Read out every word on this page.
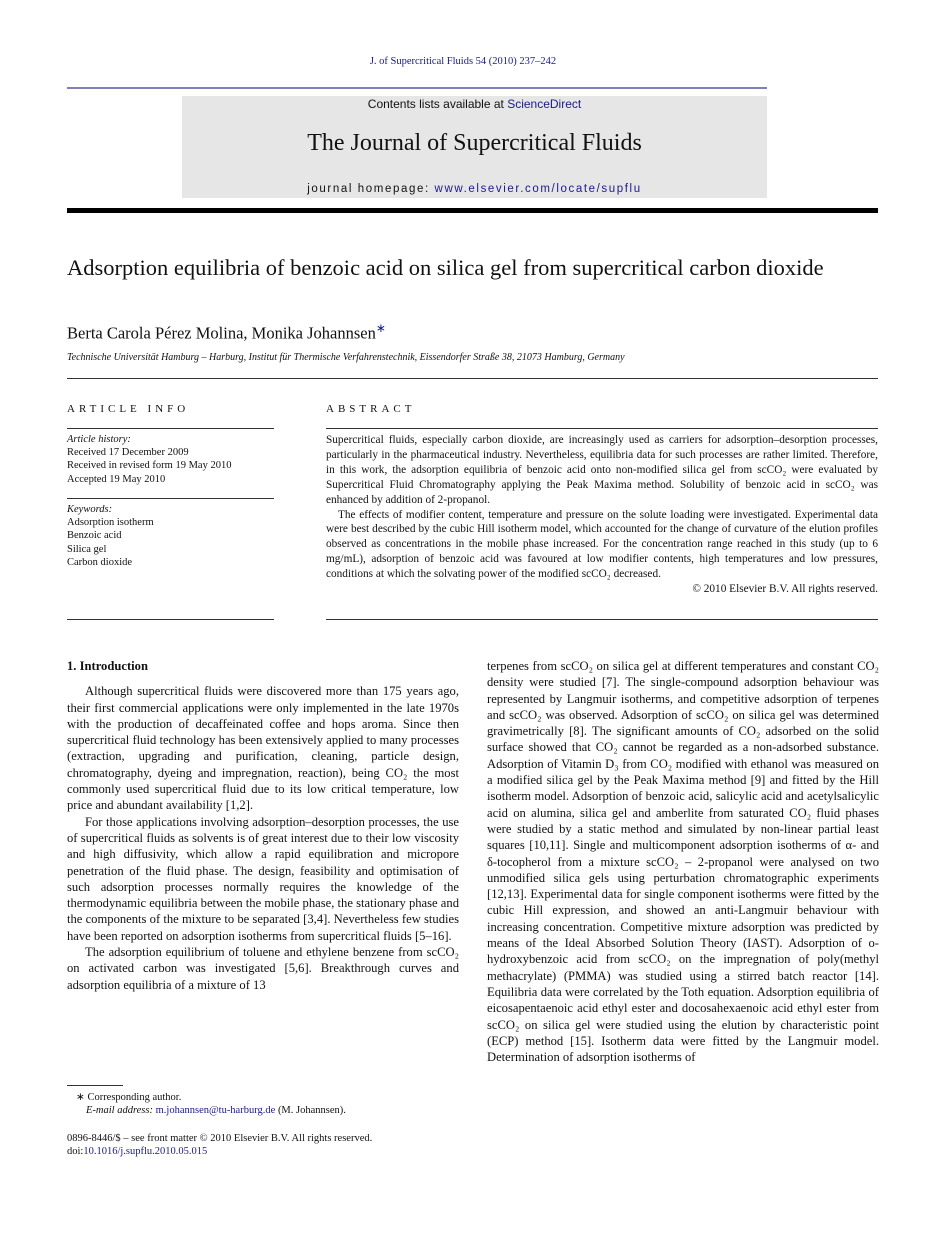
J. of Supercritical Fluids 54 (2010) 237–242
Contents lists available at ScienceDirect
The Journal of Supercritical Fluids
journal homepage: www.elsevier.com/locate/supflu
Adsorption equilibria of benzoic acid on silica gel from supercritical carbon dioxide
Berta Carola Pérez Molina, Monika Johannsen∗
Technische Universität Hamburg – Harburg, Institut für Thermische Verfahrenstechnik, Eissendorfer Straße 38, 21073 Hamburg, Germany
ARTICLE INFO
Article history:
Received 17 December 2009
Received in revised form 19 May 2010
Accepted 19 May 2010
Keywords:
Adsorption isotherm
Benzoic acid
Silica gel
Carbon dioxide
ABSTRACT

Supercritical fluids, especially carbon dioxide, are increasingly used as carriers for adsorption–desorption processes, particularly in the pharmaceutical industry. Nevertheless, equilibria data for such processes are rather limited. Therefore, in this work, the adsorption equilibria of benzoic acid onto non-modified silica gel from scCO₂ were evaluated by Supercritical Fluid Chromatography applying the Peak Maxima method. Solubility of benzoic acid in scCO₂ was enhanced by addition of 2-propanol.

The effects of modifier content, temperature and pressure on the solute loading were investigated. Experimental data were best described by the cubic Hill isotherm model, which accounted for the change of curvature of the elution profiles observed as concentrations in the mobile phase increased. For the concentration range reached in this study (up to 6 mg/mL), adsorption of benzoic acid was favoured at low modifier contents, high temperatures and low pressures, conditions at which the solvating power of the modified scCO₂ decreased.

© 2010 Elsevier B.V. All rights reserved.
1. Introduction

Although supercritical fluids were discovered more than 175 years ago, their first commercial applications were only implemented in the late 1970s with the production of decaffeinated coffee and hops aroma. Since then supercritical fluid technology has been extensively applied to many processes (extraction, upgrading and purification, cleaning, particle design, chromatography, dyeing and impregnation, reaction), being CO₂ the most commonly used supercritical fluid due to its low critical temperature, low price and abundant availability [1,2].

For those applications involving adsorption–desorption processes, the use of supercritical fluids as solvents is of great interest due to their low viscosity and high diffusivity, which allow a rapid equilibration and micropore penetration of the fluid phase. The design, feasibility and optimisation of such adsorption processes normally requires the knowledge of the thermodynamic equilibria between the mobile phase, the stationary phase and the components of the mixture to be separated [3,4]. Nevertheless few studies have been reported on adsorption isotherms from supercritical fluids [5–16].

The adsorption equilibrium of toluene and ethylene benzene from scCO₂ on activated carbon was investigated [5,6]. Breakthrough curves and adsorption equilibria of a mixture of 13

terpenes from scCO₂ on silica gel at different temperatures and constant CO₂ density were studied [7]. The single-compound adsorption behaviour was represented by Langmuir isotherms, and competitive adsorption of terpenes and scCO₂ was observed. Adsorption of scCO₂ on silica gel was determined gravimetrically [8]. The significant amounts of CO₂ adsorbed on the solid surface showed that CO₂ cannot be regarded as a non-adsorbed substance. Adsorption of Vitamin D₃ from CO₂ modified with ethanol was measured on a modified silica gel by the Peak Maxima method [9] and fitted by the Hill isotherm model. Adsorption of benzoic acid, salicylic acid and acetylsalicylic acid on alumina, silica gel and amberlite from saturated CO₂ fluid phases were studied by a static method and simulated by non-linear partial least squares [10,11]. Single and multicomponent adsorption isotherms of α- and δ-tocopherol from a mixture scCO₂ – 2-propanol were analysed on two unmodified silica gels using perturbation chromatographic experiments [12,13]. Experimental data for single component isotherms were fitted by the cubic Hill expression, and showed an anti-Langmuir behaviour with increasing concentration. Competitive mixture adsorption was predicted by means of the Ideal Absorbed Solution Theory (IAST). Adsorption of o-hydroxybenzoic acid from scCO₂ on the impregnation of poly(methyl methacrylate) (PMMA) was studied using a stirred batch reactor [14]. Equilibria data were correlated by the Toth equation. Adsorption equilibria of eicosapentaenoic acid ethyl ester and docosahexaenoic acid ethyl ester from scCO₂ on silica gel were studied using the elution by characteristic point (ECP) method [15]. Isotherm data were fitted by the Langmuir model. Determination of adsorption isotherms of

∗ Corresponding author.
E-mail address: m.johannsen@tu-harburg.de (M. Johannsen).
0896-8446/$ – see front matter © 2010 Elsevier B.V. All rights reserved.
doi:10.1016/j.supflu.2010.05.015
